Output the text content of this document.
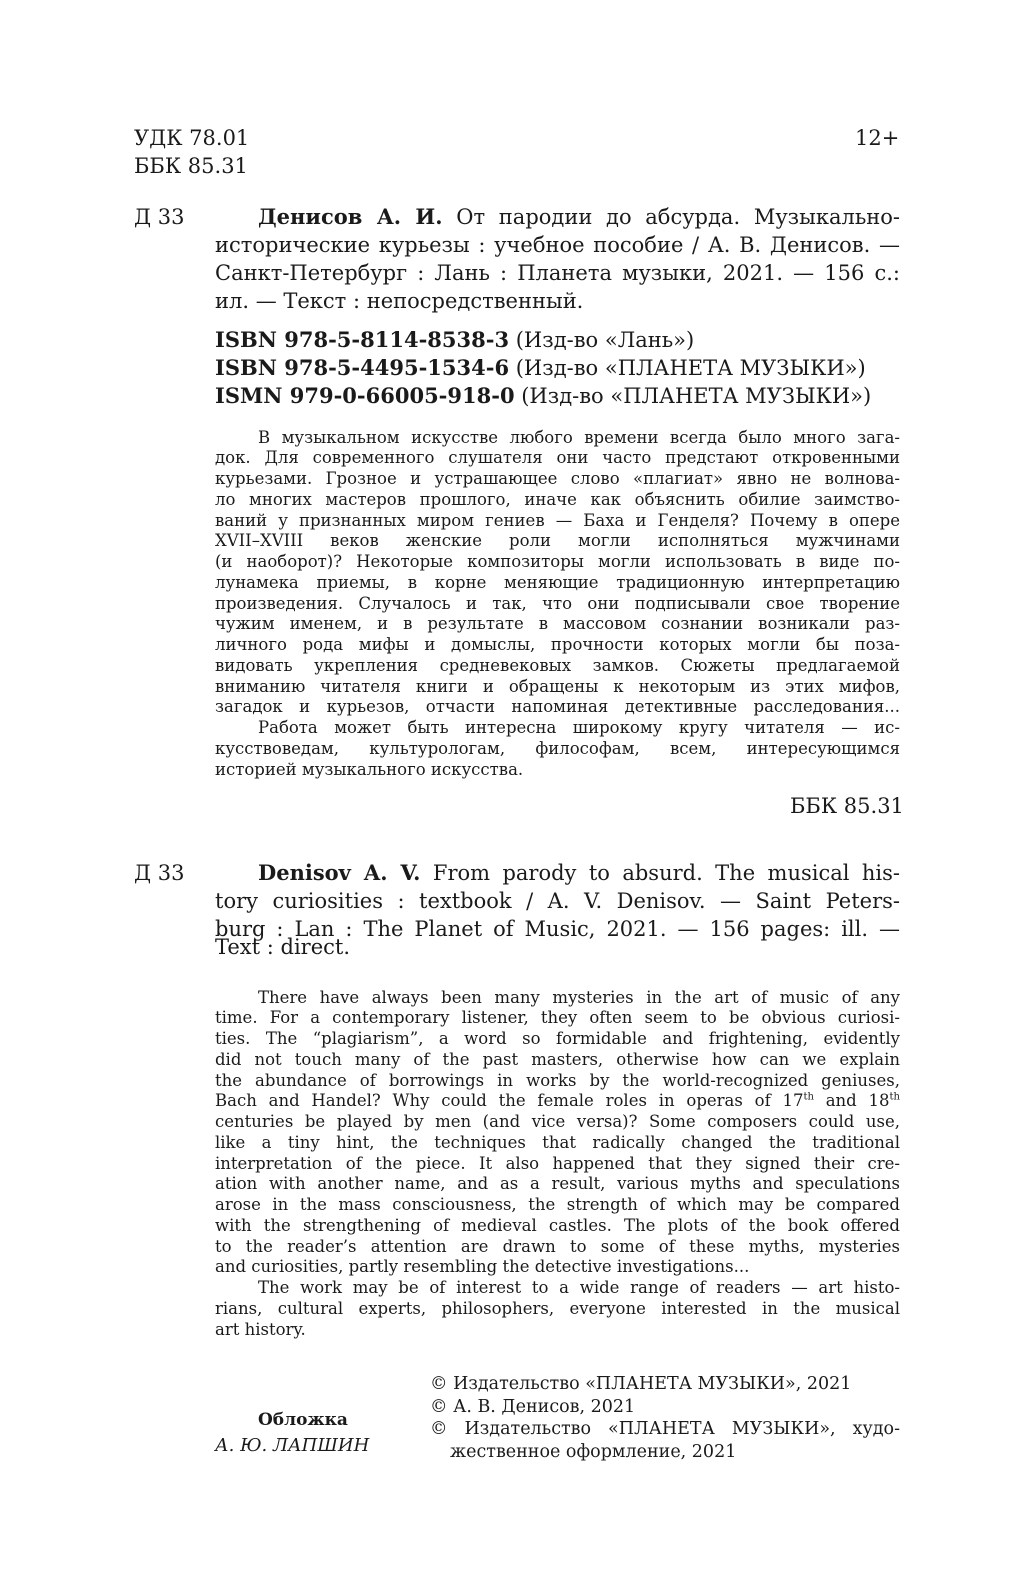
УДК 78.01	12+
ББК 85.31
Д 33	Денисов А. И. От пародии до абсурда. Музыкально-
исторические курьезы : учебное пособие / А. В. Денисов. —
Санкт-Петербург : Лань : Планета музыки, 2021. — 156 с.:
ил. — Текст : непосредственный.
ISBN 978-5-8114-8538-3 (Изд-во «Лань»)
ISBN 978-5-4495-1534-6 (Изд-во «ПЛАНЕТА МУЗЫКИ»)
ISMN 979-0-66005-918-0 (Изд-во «ПЛАНЕТА МУЗЫКИ»)
В музыкальном искусстве любого времени всегда было много зага-
док. Для современного слушателя они часто предстают откровенными
курьезами. Грозное и устрашающее слово «плагиат» явно не волнова-
ло многих мастеров прошлого, иначе как объяснить обилие заимство-
ваний у признанных миром гениев — Баха и Генделя? Почему в опере
XVII–XVIII веков женские роли могли исполняться мужчинами
(и наоборот)? Некоторые композиторы могли использовать в виде по-
лунамека приемы, в корне меняющие традиционную интерпретацию
произведения. Случалось и так, что они подписывали свое творение
чужим именем, и в результате в массовом сознании возникали раз-
личного рода мифы и домыслы, прочности которых могли бы поза-
видовать укрепления средневековых замков. Сюжеты предлагаемой
вниманию читателя книги и обращены к некоторым из этих мифов,
загадок и курьезов, отчасти напоминая детективные расследования...
Работа может быть интересна широкому кругу читателя — ис-
кусствоведам, культурологам, философам, всем, интересующимся
историей музыкального искусства.
ББК 85.31
Д 33	Denisov A. V. From parody to absurd. The musical his-
tory curiosities : textbook / A. V. Denisov. — Saint Peters-
burg : Lan : The Planet of Music, 2021. — 156 pages: ill. —
Text : direct.
There have always been many mysteries in the art of music of any
time. For a contemporary listener, they often seem to be obvious curiosi-
ties. The “plagiarism”, a word so formidable and frightening, evidently
did not touch many of the past masters, otherwise how can we explain
the abundance of borrowings in works by the world-recognized geniuses,
Bach and Handel? Why could the female roles in operas of 17th and 18th
centuries be played by men (and vice versa)? Some composers could use,
like a tiny hint, the techniques that radically changed the traditional
interpretation of the piece. It also happened that they signed their cre-
ation with another name, and as a result, various myths and speculations
arose in the mass consciousness, the strength of which may be compared
with the strengthening of medieval castles. The plots of the book offered
to the reader’s attention are drawn to some of these myths, mysteries
and curiosities, partly resembling the detective investigations...
The work may be of interest to a wide range of readers — art histo-
rians, cultural experts, philosophers, everyone interested in the musical
art history.
© Издательство «ПЛАНЕТА МУЗЫКИ», 2021
© А. В. Денисов, 2021
© Издательство «ПЛАНЕТА МУЗЫКИ», худо-
жественное оформление, 2021
Обложка
А. Ю. ЛАПШИН
